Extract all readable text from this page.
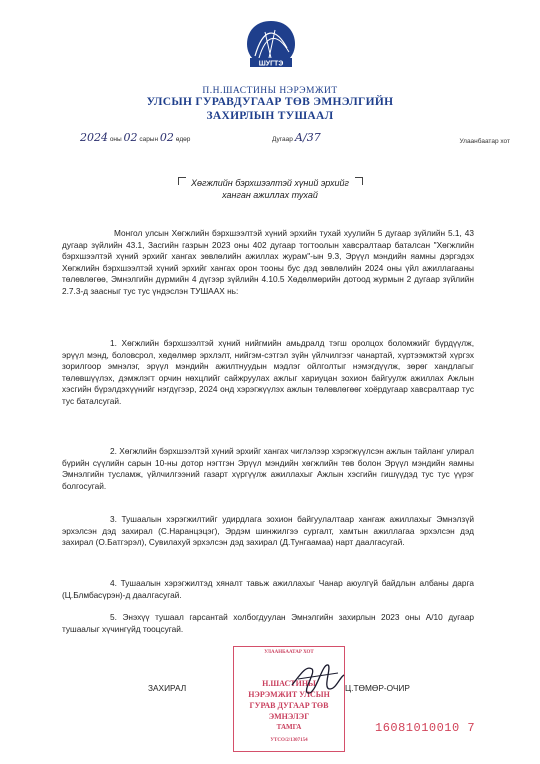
ШУГТЭ
П.Н.ШАСТИНЫ НЭРЭМЖИТ
УЛСЫН ГУРАВДУГААР ТӨВ ЭМНЭЛГИЙН
ЗАХИРЛЫН ТУШААЛ
2024 оны 02 сарын 02 өдөр	Дугаар А/37	Улаанбаатар хот
Хөгжлийн бэрхшээлтэй хүний эрхийг
ханган ажиллах тухай
Монгол улсын Хөгжлийн бэрхшээлтэй хүний эрхийн тухай хуулийн 5 дугаар зүйлийн 5.1, 43 дугаар зүйлийн 43.1, Засгийн газрын 2023 оны 402 дугаар тогтоолын хавсралтаар баталсан "Хөгжлийн бэрхшээлтэй хүний эрхийг хангах зөвлөлийн ажиллах журам"-ын 9.3, Эрүүл мэндийн яамны дэргэдэх Хөгжлийн бэрхшээлтэй хүний эрхийг хангах орон тооны бус дэд зөвлөлийн 2024 оны үйл ажиллагааны төлөвлөгөө, Эмнэлгийн дүрмийн 4 дүгээр зүйлийн 4.10.5 Хөдөлмөрийн дотоод журмын 2 дугаар зүйлийн 2.7.3-д заасныг тус тус үндэслэн ТУШААХ нь:
1. Хөгжлийн бэрхшээлтэй хүний нийгмийн амьдралд тэгш оролцох боломжийг бүрдүүлж, эрүүл мэнд, боловсрол, хөдөлмөр эрхлэлт, нийгэм-сэтгэл зүйн үйлчилгээг чанартай, хүртээмжтэй хүргэх зорилгоор эмнэлэг, эрүүл мэндийн ажилтнуудын мэдлэг ойлголтыг нэмэгдүүлж, зөрөг хандлагыг төлөвшүүлэх, дэмжлэгт орчин нөхцлийг сайжруулах ажлыг хариуцан зохион байгуулж ажиллах Ажлын хэсгийн бүрэлдэхүүнийг нэгдүгээр, 2024 онд хэрэгжүүлэх ажлын төлөвлөгөөг хоёрдугаар хавсралтаар тус тус баталсугай.
2. Хөгжлийн бэрхшээлтэй хүний эрхийг хангах чиглэлээр хэрэгжүүлсэн ажлын тайланг улирал бүрийн сүүлийн сарын 10-ны дотор нэгтгэн Эрүүл мэндийн хөгжлийн төв болон Эрүүл мэндийн яамны Эмнэлгийн тусламж, үйлчилгээний газарт хүргүүлж ажиллахыг Ажлын хэсгийн гишүүдэд тус тус үүрэг болгосугай.
3. Тушаалын хэрэгжилтийг удирдлага зохион байгуулалтаар хангаж ажиллахыг Эмнэлзүй эрхэлсэн дэд захирал (С.Наранцэцэг), Эрдэм шинжилгээ сургалт, хамтын ажиллагаа эрхэлсэн дэд захирал (О.Батгэрэл), Сувилахуй эрхэлсэн дэд захирал (Д.Тунгаамаа) нарт даалгасугай.
4. Тушаалын хэрэгжилтэд хяналт тавьж ажиллахыг Чанар аюулгүй байдлын албаны дарга (Ц.Блмбасүрэн)-д даалгасугай.
5. Энэхүү тушаал гарсантай холбогдуулан Эмнэлгийн захирлын 2023 оны А/10 дугаар тушаалыг хүчингүйд тооцсугай.
ЗАХИРАЛ	Ц.ТӨМӨР-ОЧИР
УЛААНБААТАР ХОТ
Н.ШАСТИНЫ
НЭРЭМЖИТ УЛСЫН
ГУРАВ ДУГААР ТӨВ
ЭМНЭЛЭГ
ТАМГА
УТСО/2/1307154
16081010010 7
